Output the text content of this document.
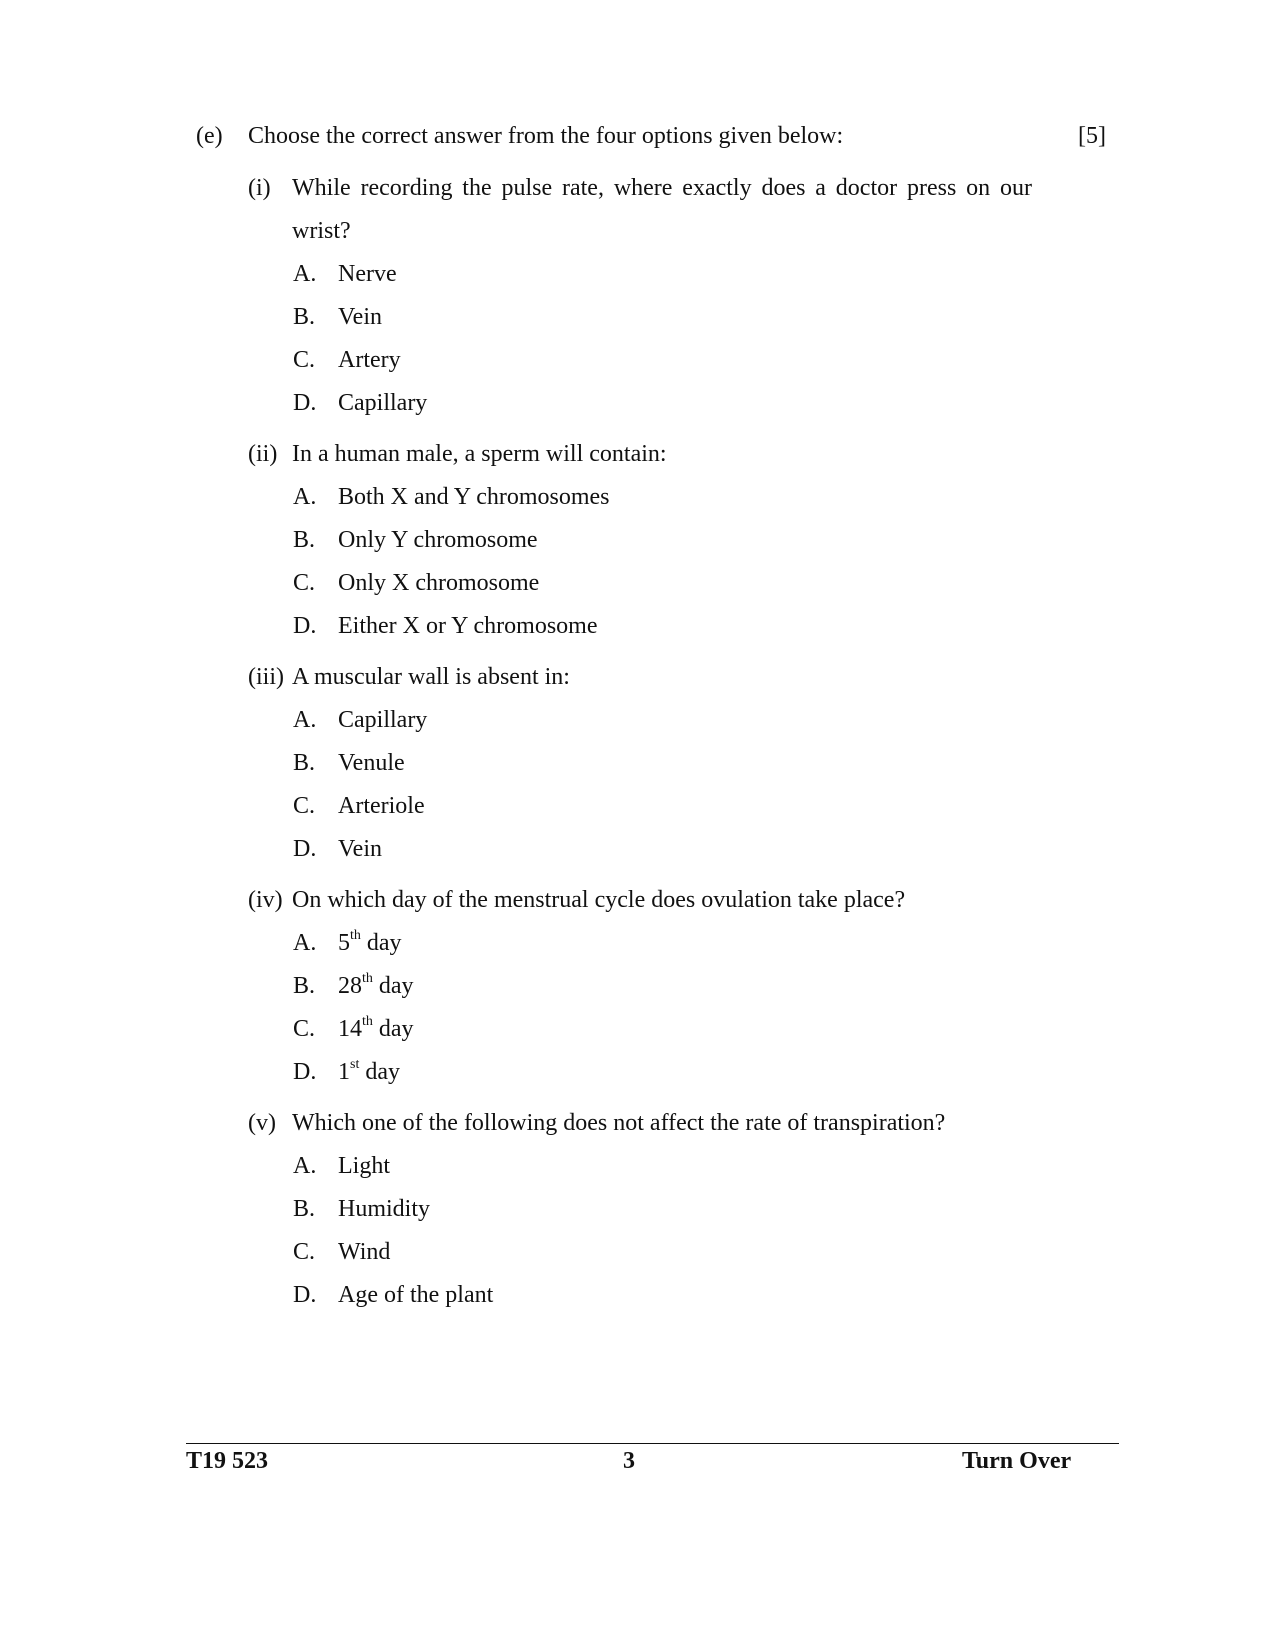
(e) Choose the correct answer from the four options given below:	[5]
(i) While recording the pulse rate, where exactly does a doctor press on our
wrist?
A. Nerve
B. Vein
C. Artery
D. Capillary
(ii) In a human male, a sperm will contain:
A. Both X and Y chromosomes
B. Only Y chromosome
C. Only X chromosome
D. Either X or Y chromosome
(iii) A muscular wall is absent in:
A. Capillary
B. Venule
C. Arteriole
D. Vein
(iv) On which day of the menstrual cycle does ovulation take place?
A. 5th day
B. 28th day
C. 14th day
D. 1st day
(v) Which one of the following does not affect the rate of transpiration?
A. Light
B. Humidity
C. Wind
D. Age of the plant
T19 523	3	Turn Over
